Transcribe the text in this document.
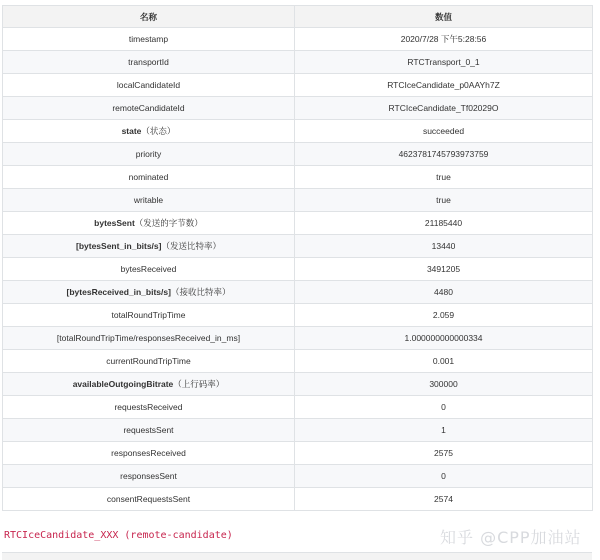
名称	数值
timestamp	2020/7/28 下午5:28:56
transportId	RTCTransport_0_1
localCandidateId	RTCIceCandidate_p0AAYh7Z
remoteCandidateId	RTCIceCandidate_Tf02029O
state（状态）	succeeded
priority	4623781745793973759
nominated	true
writable	true
bytesSent（发送的字节数）	21185440
[bytesSent_in_bits/s]（发送比特率）	13440
bytesReceived	3491205
[bytesReceived_in_bits/s]（接收比特率）	4480
totalRoundTripTime	2.059
[totalRoundTripTime/responsesReceived_in_ms]	1.000000000000334
currentRoundTripTime	0.001
availableOutgoingBitrate（上行码率）	300000
requestsReceived	0
requestsSent	1
responsesReceived	2575
responsesSent	0
consentRequestsSent	2574
RTCIceCandidate_XXX (remote-candidate)	知乎 @CPP加油站
